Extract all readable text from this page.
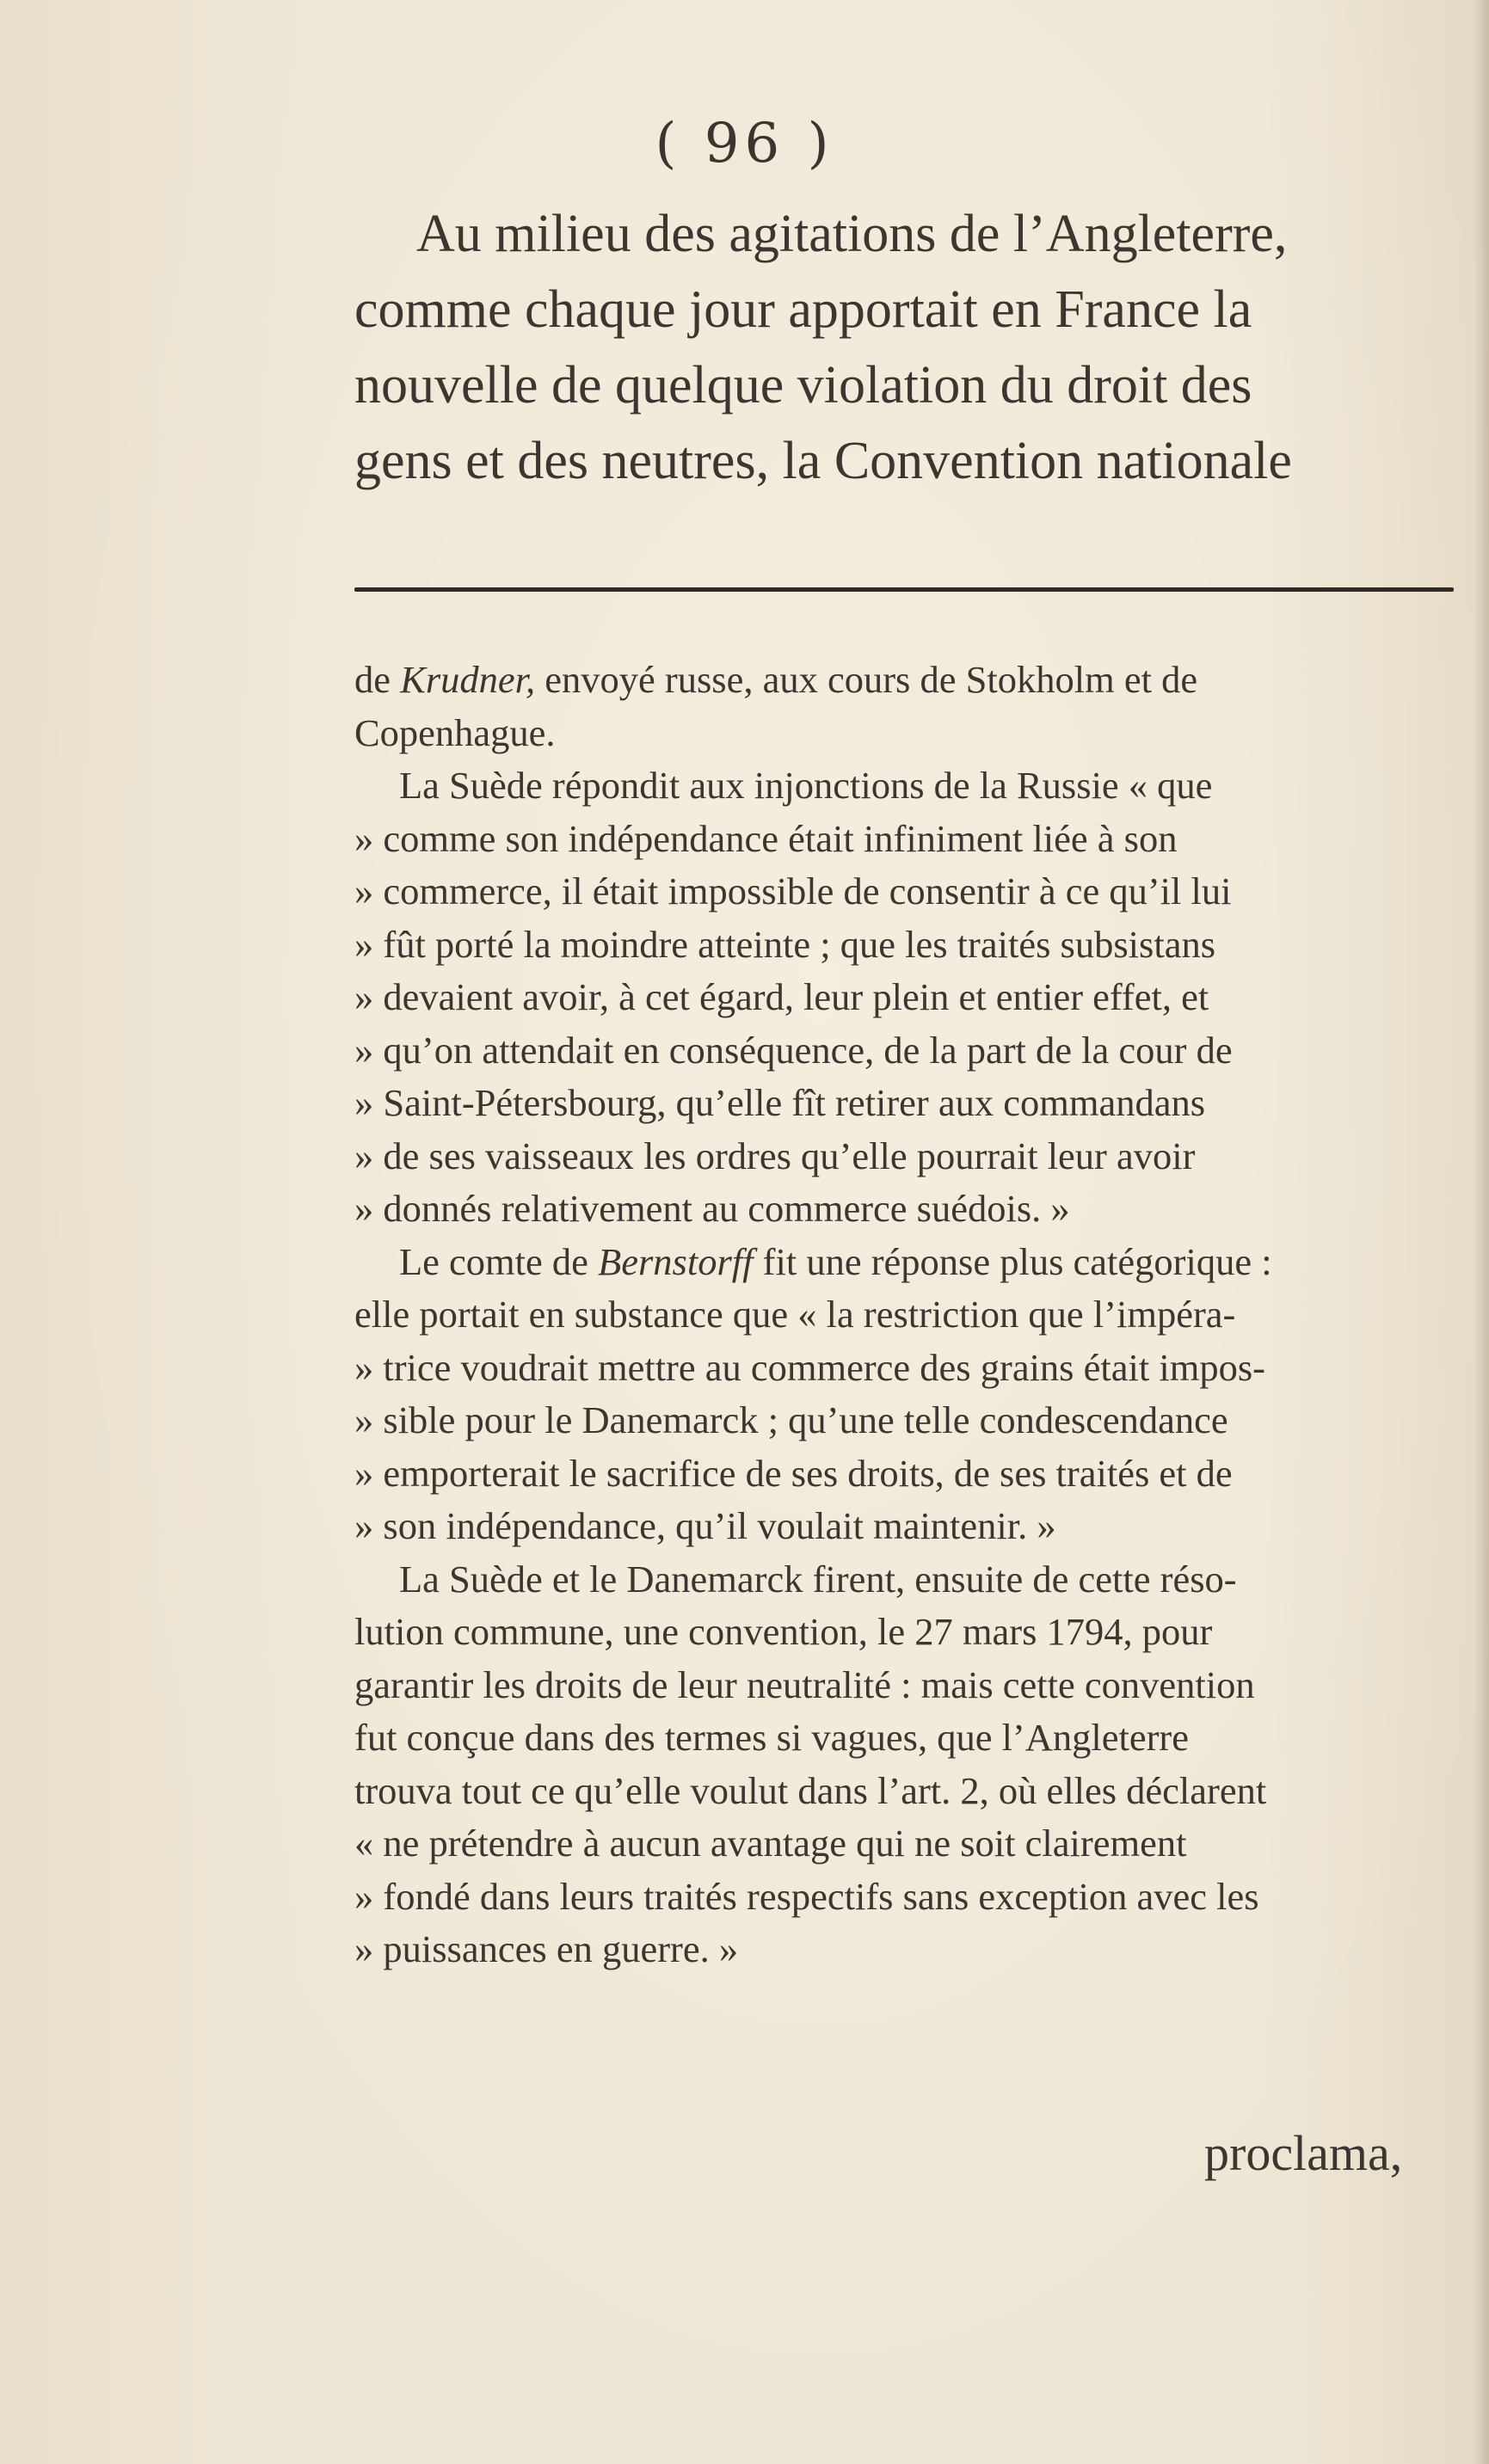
( 96 )
Au milieu des agitations de l’Angleterre,
comme chaque jour apportait en France la
nouvelle de quelque violation du droit des
gens et des neutres, la Convention nationale
de Krudner, envoyé russe, aux cours de Stokholm et de
Copenhague.
La Suède répondit aux injonctions de la Russie « que
» comme son indépendance était infiniment liée à son
» commerce, il était impossible de consentir à ce qu’il lui
» fût porté la moindre atteinte ; que les traités subsistans
» devaient avoir, à cet égard, leur plein et entier effet, et
» qu’on attendait en conséquence, de la part de la cour de
» Saint-Pétersbourg, qu’elle fît retirer aux commandans
» de ses vaisseaux les ordres qu’elle pourrait leur avoir
» donnés relativement au commerce suédois. »
Le comte de Bernstorff fit une réponse plus catégorique :
elle portait en substance que « la restriction que l’impéra-
» trice voudrait mettre au commerce des grains était impos-
» sible pour le Danemarck ; qu’une telle condescendance
» emporterait le sacrifice de ses droits, de ses traités et de
» son indépendance, qu’il voulait maintenir. »
La Suède et le Danemarck firent, ensuite de cette réso-
lution commune, une convention, le 27 mars 1794, pour
garantir les droits de leur neutralité : mais cette convention
fut conçue dans des termes si vagues, que l’Angleterre
trouva tout ce qu’elle voulut dans l’art. 2, où elles déclarent
« ne prétendre à aucun avantage qui ne soit clairement
» fondé dans leurs traités respectifs sans exception avec les
» puissances en guerre. »
proclama,
